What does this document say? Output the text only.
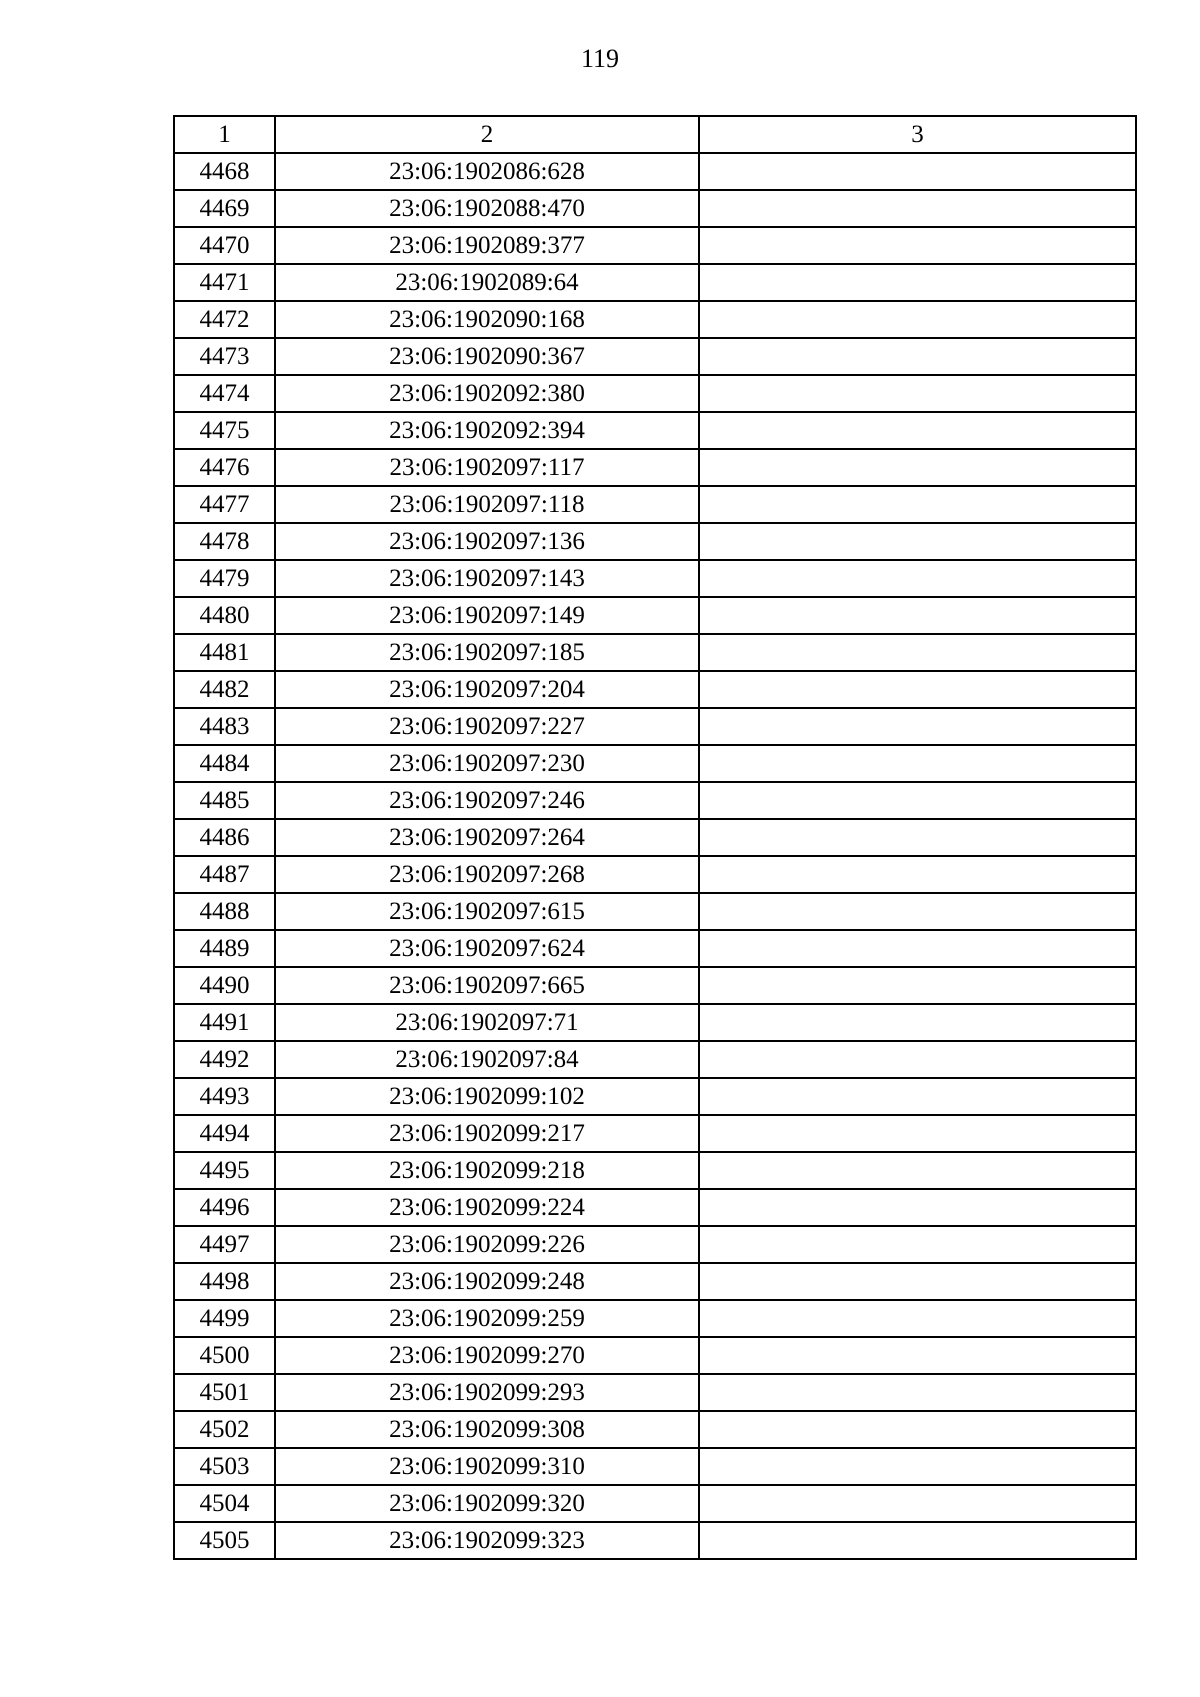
119
1	2	3
4468	23:06:1902086:628	
4469	23:06:1902088:470	
4470	23:06:1902089:377	
4471	23:06:1902089:64	
4472	23:06:1902090:168	
4473	23:06:1902090:367	
4474	23:06:1902092:380	
4475	23:06:1902092:394	
4476	23:06:1902097:117	
4477	23:06:1902097:118	
4478	23:06:1902097:136	
4479	23:06:1902097:143	
4480	23:06:1902097:149	
4481	23:06:1902097:185	
4482	23:06:1902097:204	
4483	23:06:1902097:227	
4484	23:06:1902097:230	
4485	23:06:1902097:246	
4486	23:06:1902097:264	
4487	23:06:1902097:268	
4488	23:06:1902097:615	
4489	23:06:1902097:624	
4490	23:06:1902097:665	
4491	23:06:1902097:71	
4492	23:06:1902097:84	
4493	23:06:1902099:102	
4494	23:06:1902099:217	
4495	23:06:1902099:218	
4496	23:06:1902099:224	
4497	23:06:1902099:226	
4498	23:06:1902099:248	
4499	23:06:1902099:259	
4500	23:06:1902099:270	
4501	23:06:1902099:293	
4502	23:06:1902099:308	
4503	23:06:1902099:310	
4504	23:06:1902099:320	
4505	23:06:1902099:323	
